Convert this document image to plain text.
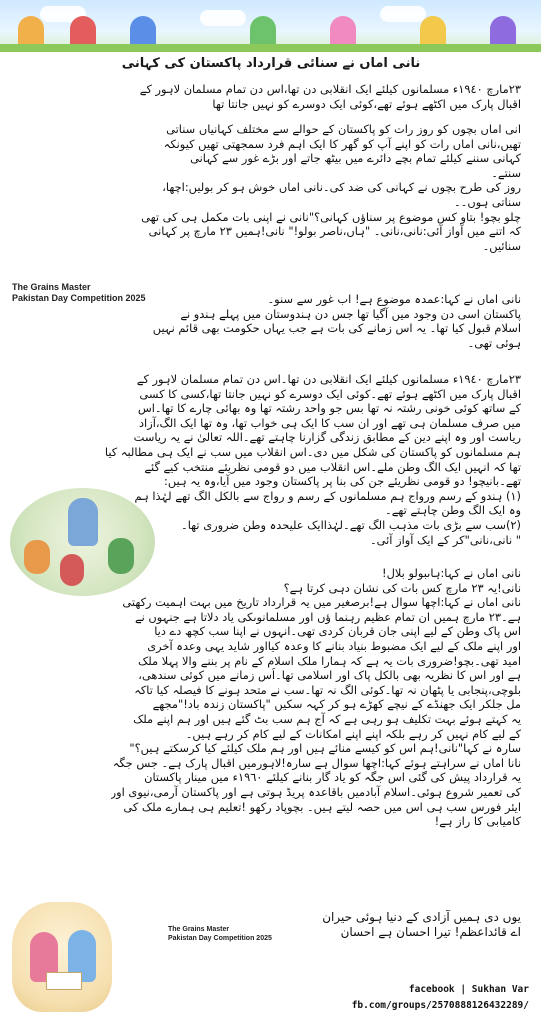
نانی اماں نے سنائی قرارداد پاکستان کی کہانی
٢٣مارچ ١٩٤٠ء مسلمانوں کیلئے ایک انقلابی دن تھا،اس دن تمام مسلمان لاہور کے
اقبال پارک میں اکٹھے ہوئے تھے،کوئی ایک دوسرے کو نہیں جانتا تھا
انی اماں بچوں کو روز رات کو پاکستان کے حوالے سے مختلف کہانیاں سناتی
تھیں،نانی اماں رات کو اپنے آپ کو گھر کا ایک اہم فرد سمجھتی تھیں کیونکہ
کہانی سننے کیلئے تمام بچے دائرے میں بیٹھ جاتے اور بڑے غور سے کہانی
سنتے۔
روز کی طرح بچوں نے کہانی کی ضد کی۔نانی اماں خوش ہو کر بولیں:اچھا،
سناتی ہوں۔۔
چلو بچو! بتاو کس موضوع پر سناؤں کہانی؟"نانی نے اپنی بات مکمل ہی کی تھی
کہ اتنے میں آواز آئی:نانی،نانی۔ "ہاں،ناصر بولو!" نانی!ہمیں ٢٣ مارچ پر کہانی
سنائیں۔
The Grains Master
Pakistan Day Competition 2025	نانی اماں نے کہا:عمدہ موضوع ہے! اب غور سے سنو۔
پاکستان اسی دن وجود میں آگیا تھا جس دن ہندوستان میں پہلے ہندو نے
اسلام قبول کیا تھا۔ یہ اس زمانے کی بات ہے جب یہاں حکومت بھی قائم نہیں
ہوئی تھی۔
٢٣مارچ ١٩٤٠ء مسلمانوں کیلئے ایک انقلابی دن تھا۔اس دن تمام مسلمان لاہور کے
اقبال پارک میں اکٹھے ہوئے تھے۔کوئی ایک دوسرے کو نہیں جانتا تھا،کسی کا کسی
کے ساتھ کوئی خونی رشتہ نہ تھا بس جو واحد رشتہ تھا وہ بھائی چارے کا تھا۔اس
میں صرف مسلمان ہی تھے اور ان سب کا ایک ہی خواب تھا، وہ تھا ایک الگ،آزاد
ریاست اور وہ اپنے دین کے مطابق زندگی گزارنا چاہتے تھے۔اللہ تعالیٰ نے یہ ریاست
ہم مسلمانوں کو پاکستان کی شکل میں دی۔اس انقلاب میں سب نے ایک ہی مطالبہ کیا
تھا کہ انہیں ایک الگ وطن ملے۔اس انقلاب میں دو قومی نظریئے منتخب کیے گئے
تھے۔بانیچو! دو قومی نظریئے جن کی بنا پر پاکستان وجود میں آیا،وہ یہ ہیں:
(١) ہندو کے رسم ورواج ہم مسلمانوں کے رسم و رواج سے بالکل الگ تھے لہٰذا ہم
وہ ایک الگ وطن چاہتے تھے۔
(٢)سب سے بڑی بات مذہب الگ تھے۔لہٰذاایک علیحدہ وطن ضروری تھا۔
" نانی،نانی"کر کے ایک آواز آئی۔
نانی اماں نے کہا:ہاںبولو بلال!
نانی!یہ ٢٣ مارچ کس بات کی نشان دہی کرتا ہے؟
نانی اماں نے کہا:اچھا سوال ہے!برصغیر میں یہ قرارداد تاریخ میں بہت اہمیت رکھتی
ہے۔٢٣ مارچ ہمیں ان تمام عظیم رہنما ؤں اور مسلمانوںکی یاد دلاتا ہے جنہوں نے
اس پاک وطن کے لیے اپنی جان قربان کردی تھی۔انہوں نے اپنا سب کچھ دے دیا
اور اپنے ملک کے لیے ایک مضبوط بنیاد بنانے کا وعدہ کیااور شاید یہی وعدہ آخری
امید تھی۔بچو!ضروری بات یہ ہے کہ ہمارا ملک اسلام کے نام پر بننے والا پہلا ملک
ہے اور اس کا نظریہ بھی بالکل پاک اور اسلامی تھا۔اُس زمانے میں کوئی سندھی،
بلوچی،پنجابی یا پٹھان نہ تھا۔کوئی الگ نہ تھا۔سب نے متحد ہونے کا فیصلہ کیا تاکہ
مل جلکر ایک جھنڈے کے نیچے کھڑے ہو کر کہہ سکیں "پاکستان زندہ باد!"مجھے
یہ کہتے ہوئے بہت تکلیف ہو رہی ہے کہ آج ہم سب بٹ گئے ہیں اور ہم اپنے ملک
کے لیے کام نہیں کر رہے بلکہ اپنے اپنے امکانات کے لیے کام کر رہے ہیں۔
سارہ نے کہا"نانی!ہم اس کو کیسے منائے ہیں اور ہم ملک کیلئے کیا کرسکتے ہیں؟"
نانا اماں نے سراہتے ہوئے کہا:اچھا سوال ہے سارہ!لاہورمیں اقبال پارک ہے۔ جس جگہ
یہ قرارداد پیش کی گئی اس جگہ کو یاد گار بنانے کیلئے ١٩٦٠ء میں مینار پاکستان
کی تعمیر شروع ہوئی۔اسلام آبادمیں باقاعدہ پریڈ ہوتی ہے اور پاکستان آرمی،نیوی اور
ایئر فورس سب ہی اس میں حصہ لیتے ہیں۔ بچوپاد رکھو !تعلیم ہی ہمارے ملک کی
کامیابی کا راز ہے!
The Grains Master
Pakistan Day Competition 2025
یوں دی ہمیں آزادی کے دنیا ہوئی حیران
اے قائداعظم! تیرا احسان ہے احسان
facebook | Sukhan Var
fb.com/groups/2570888126432289/
